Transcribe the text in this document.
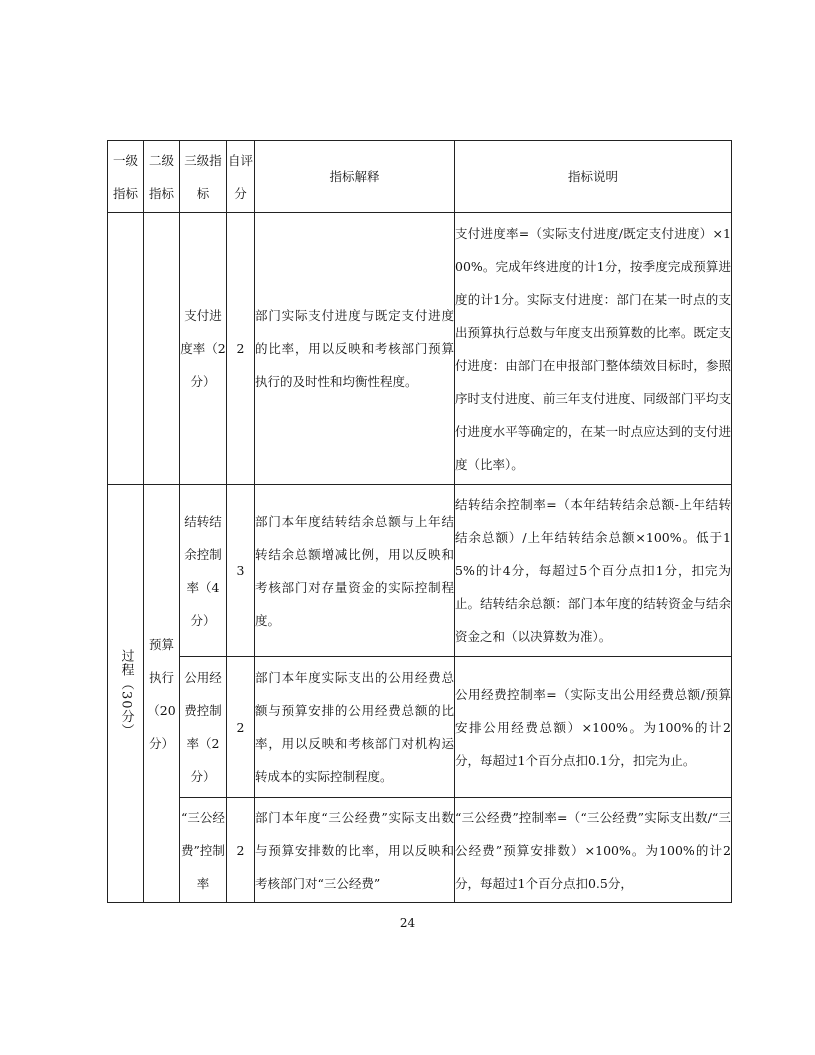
一级指标	二级指标	三级指标	自评分	指标解释	指标说明
		支付进度率（2分）	2	部门实际支付进度与既定支付进度的比率，用以反映和考核部门预算执行的及时性和均衡性程度。	支付进度率=（实际支付进度/既定支付进度）×100%。完成年终进度的计1分，按季度完成预算进度的计1分。实际支付进度：部门在某一时点的支出预算执行总数与年度支出预算数的比率。既定支付进度：由部门在申报部门整体绩效目标时，参照序时支付进度、前三年支付进度、同级部门平均支付进度水平等确定的，在某一时点应达到的支付进度（比率）。

过程（30分）	预算执行（20分）	结转结余控制率（4分）	3	部门本年度结转结余总额与上年结转结余总额增减比例，用以反映和考核部门对存量资金的实际控制程度。	结转结余控制率=（本年结转结余总额-上年结转结余总额）/上年结转结余总额×100%。低于15%的计4分，每超过5个百分点扣1分，扣完为止。结转结余总额：部门本年度的结转资金与结余资金之和（以决算数为准）。
		公用经费控制率（2分）	2	部门本年度实际支出的公用经费总额与预算安排的公用经费总额的比率，用以反映和考核部门对机构运转成本的实际控制程度。	公用经费控制率=（实际支出公用经费总额/预算安排公用经费总额）×100%。为100%的计2分，每超过1个百分点扣0.1分，扣完为止。
		“三公经费”控制率	2	部门本年度“三公经费”实际支出数与预算安排数的比率，用以反映和考核部门对“三公经费”	“三公经费”控制率=（“三公经费”实际支出数/“三公经费”预算安排数）×100%。为100%的计2分，每超过1个百分点扣0.5分，
24
